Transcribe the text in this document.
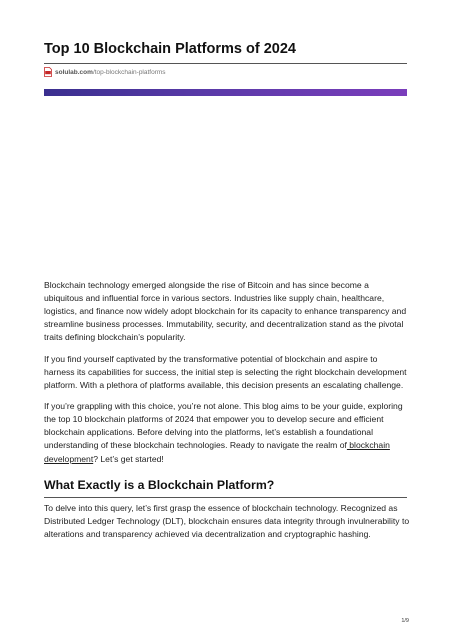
Top 10 Blockchain Platforms of 2024
solulab.com /top-blockchain-platforms

Blockchain technology emerged alongside the rise of Bitcoin and has since become a ubiquitous and influential force in various sectors. Industries like supply chain, healthcare, logistics, and finance now widely adopt blockchain for its capacity to enhance transparency and streamline business processes. Immutability, security, and decentralization stand as the pivotal traits defining blockchain’s popularity.

If you find yourself captivated by the transformative potential of blockchain and aspire to harness its capabilities for success, the initial step is selecting the right blockchain development platform. With a plethora of platforms available, this decision presents an escalating challenge.

If you’re grappling with this choice, you’re not alone. This blog aims to be your guide, exploring the top 10 blockchain platforms of 2024 that empower you to develop secure and efficient blockchain applications. Before delving into the platforms, let’s establish a foundational understanding of these blockchain technologies. Ready to navigate the realm of blockchain development? Let’s get started!

What Exactly is a Blockchain Platform?

To delve into this query, let’s first grasp the essence of blockchain technology. Recognized as Distributed Ledger Technology (DLT), blockchain ensures data integrity through invulnerability to alterations and transparency achieved via decentralization and cryptographic hashing.

1/9
